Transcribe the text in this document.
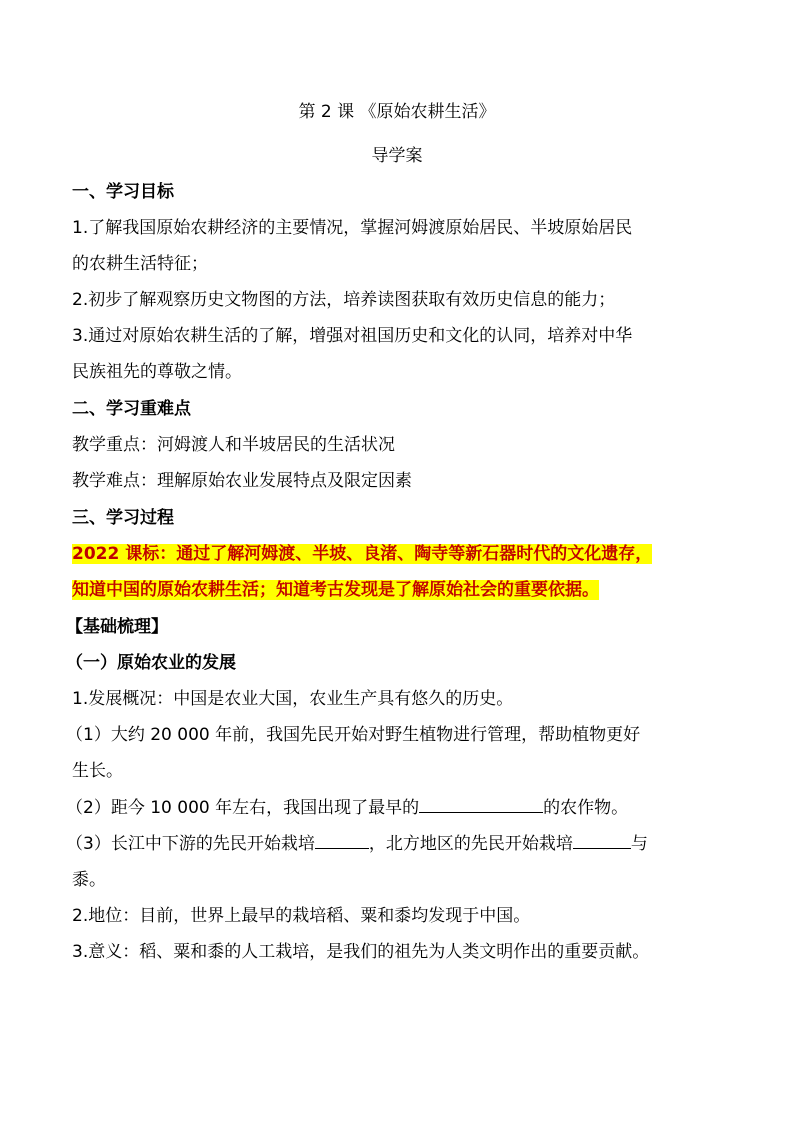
第 2 课 《原始农耕生活》
导学案
一、学习目标
1.了解我国原始农耕经济的主要情况，掌握河姆渡原始居民、半坡原始居民
的农耕生活特征；
2.初步了解观察历史文物图的方法，培养读图获取有效历史信息的能力；
3.通过对原始农耕生活的了解，增强对祖国历史和文化的认同，培养对中华
民族祖先的尊敬之情。
二、学习重难点
教学重点：河姆渡人和半坡居民的生活状况
教学难点：理解原始农业发展特点及限定因素
三、学习过程
2022 课标：通过了解河姆渡、半坡、良渚、陶寺等新石器时代的文化遗存，
知道中国的原始农耕生活；知道考古发现是了解原始社会的重要依据。
【基础梳理】
（一）原始农业的发展
1.发展概况：中国是农业大国，农业生产具有悠久的历史。
（1）大约 20 000 年前，我国先民开始对野生植物进行管理，帮助植物更好
生长。
（2）距今 10 000 年左右，我国出现了最早的	的农作物。
（3）长江中下游的先民开始栽培	，北方地区的先民开始栽培	与
黍。
2.地位：目前，世界上最早的栽培稻、粟和黍均发现于中国。
3.意义：稻、粟和黍的人工栽培，是我们的祖先为人类文明作出的重要贡献。
